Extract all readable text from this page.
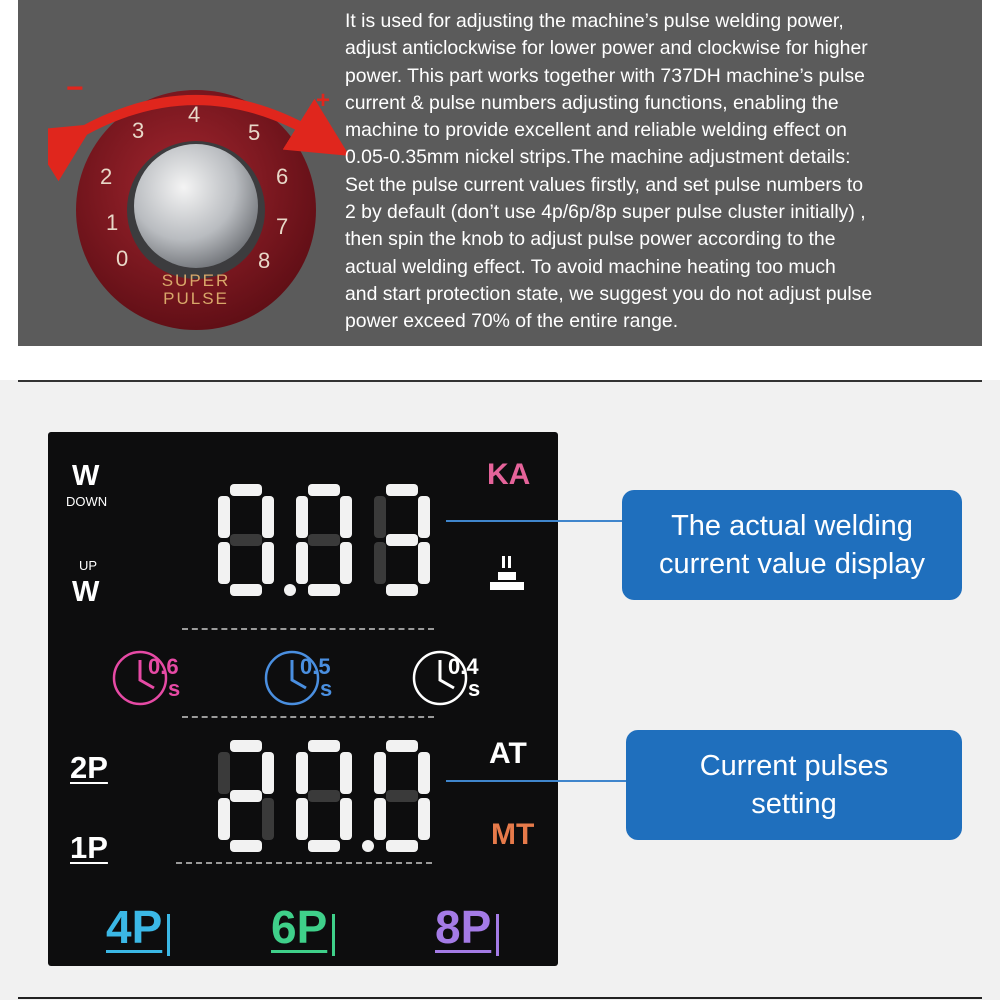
−	+
0
1
2
3
4
5
6
7
8
SUPER
PULSE

It is used for adjusting the machine’s pulse welding power,
adjust anticlockwise for lower power and clockwise for higher
power. This part works together with 737DH machine’s pulse
current & pulse numbers adjusting functions, enabling the
machine to provide excellent and reliable welding effect on
0.05-0.35mm nickel strips.The machine adjustment details:
Set the pulse current values firstly, and set pulse numbers to
2 by default (don’t use 4p/6p/8p super pulse cluster initially) ,
then spin the knob to adjust pulse power according to the
actual welding effect. To avoid machine heating too much
and start protection state, we suggest you do not adjust pulse
power exceed 70% of the entire range.

W
DOWN
UP
W
KA
AT
MT
2P
1P
0.6
s
0.5
s
0.4
s
4P 6P 8P
The actual welding
current value display
Current pulses
setting
